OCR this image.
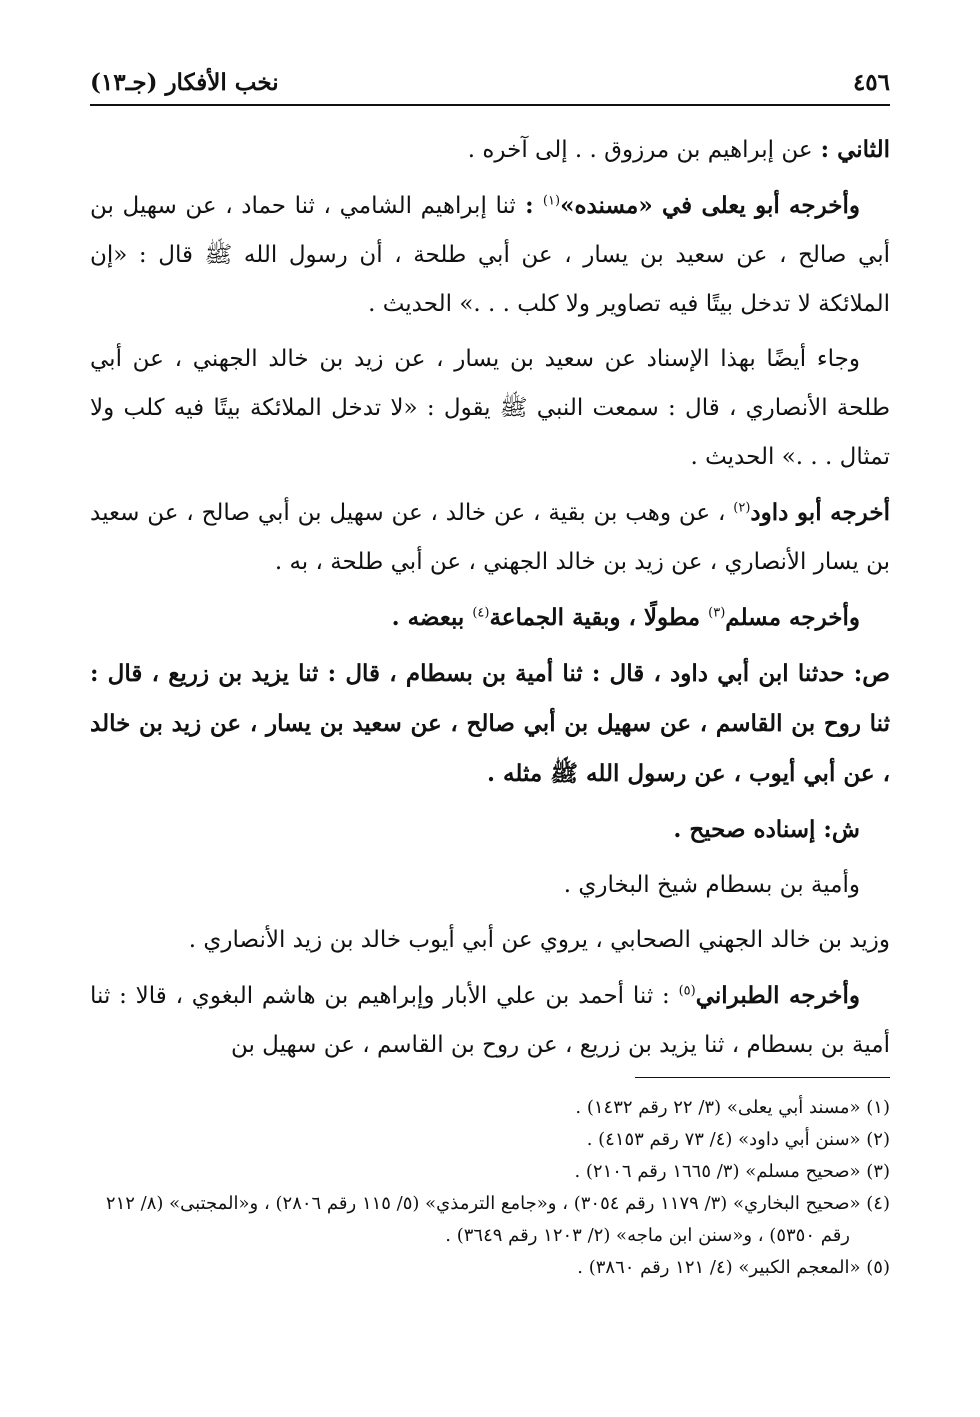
٤٥٦
نخب الأفكار (جـ١٣)

الثاني : عن إبراهيم بن مرزوق . . إلى آخره .

وأخرجه أبو يعلى في «مسنده»$^{(١)}$ : ثنا إبراهيم الشامي ، ثنا حماد ، عن سهيل بن أبي صالح ، عن سعيد بن يسار ، عن أبي طلحة ، أن رسول الله ﷺ قال : «إن الملائكة لا تدخل بيتًا فيه تصاوير ولا كلب . . .» الحديث .

وجاء أيضًا بهذا الإسناد عن سعيد بن يسار ، عن زيد بن خالد الجهني ، عن أبي طلحة الأنصاري ، قال : سمعت النبي ﷺ يقول : «لا تدخل الملائكة بيتًا فيه كلب ولا تمثال . . .» الحديث .

أخرجه أبو داود$^{(٢)}$ ، عن وهب بن بقية ، عن خالد ، عن سهيل بن أبي صالح ، عن سعيد بن يسار الأنصاري ، عن زيد بن خالد الجهني ، عن أبي طلحة ، به .

وأخرجه مسلم$^{(٣)}$ مطولًا ، وبقية الجماعة$^{(٤)}$ ببعضه .

ص: حدثنا ابن أبي داود ، قال : ثنا أمية بن بسطام ، قال : ثنا يزيد بن زريع ، قال : ثنا روح بن القاسم ، عن سهيل بن أبي صالح ، عن سعيد بن يسار ، عن زيد بن خالد ، عن أبي أيوب ، عن رسول الله ﷺ مثله .

ش: إسناده صحيح .

وأمية بن بسطام شيخ البخاري .

وزيد بن خالد الجهني الصحابي ، يروي عن أبي أيوب خالد بن زيد الأنصاري .

وأخرجه الطبراني$^{(٥)}$ : ثنا أحمد بن علي الأبار وإبراهيم بن هاشم البغوي ، قالا : ثنا أمية بن بسطام ، ثنا يزيد بن زريع ، عن روح بن القاسم ، عن سهيل بن

(١) «مسند أبي يعلى» (٣/ ٢٢ رقم ١٤٣٢) .

(٢) «سنن أبي داود» (٤/ ٧٣ رقم ٤١٥٣) .

(٣) «صحيح مسلم» (٣/ ١٦٦٥ رقم ٢١٠٦) .

(٤) «صحيح البخاري» (٣/ ١١٧٩ رقم ٣٠٥٤) ، و«جامع الترمذي» (٥/ ١١٥ رقم ٢٨٠٦) ، و«المجتبى» (٨/ ٢١٢ رقم ٥٣٥٠) ، و«سنن ابن ماجه» (٢/ ١٢٠٣ رقم ٣٦٤٩) .

(٥) «المعجم الكبير» (٤/ ١٢١ رقم ٣٨٦٠) .
